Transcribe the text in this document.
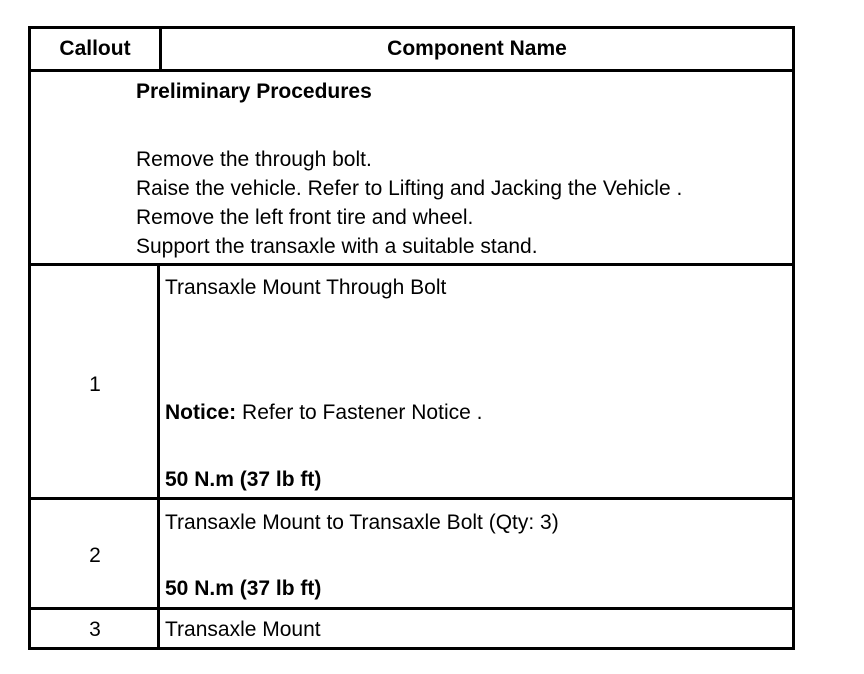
Callout	Component Name
Preliminary Procedures
Remove the through bolt.
Raise the vehicle. Refer to Lifting and Jacking the Vehicle .
Remove the left front tire and wheel.
Support the transaxle with a suitable stand.
1
Transaxle Mount Through Bolt
Notice: Refer to Fastener Notice .
50 N.m (37 lb ft)
2
Transaxle Mount to Transaxle Bolt (Qty: 3)
50 N.m (37 lb ft)
3	Transaxle Mount
